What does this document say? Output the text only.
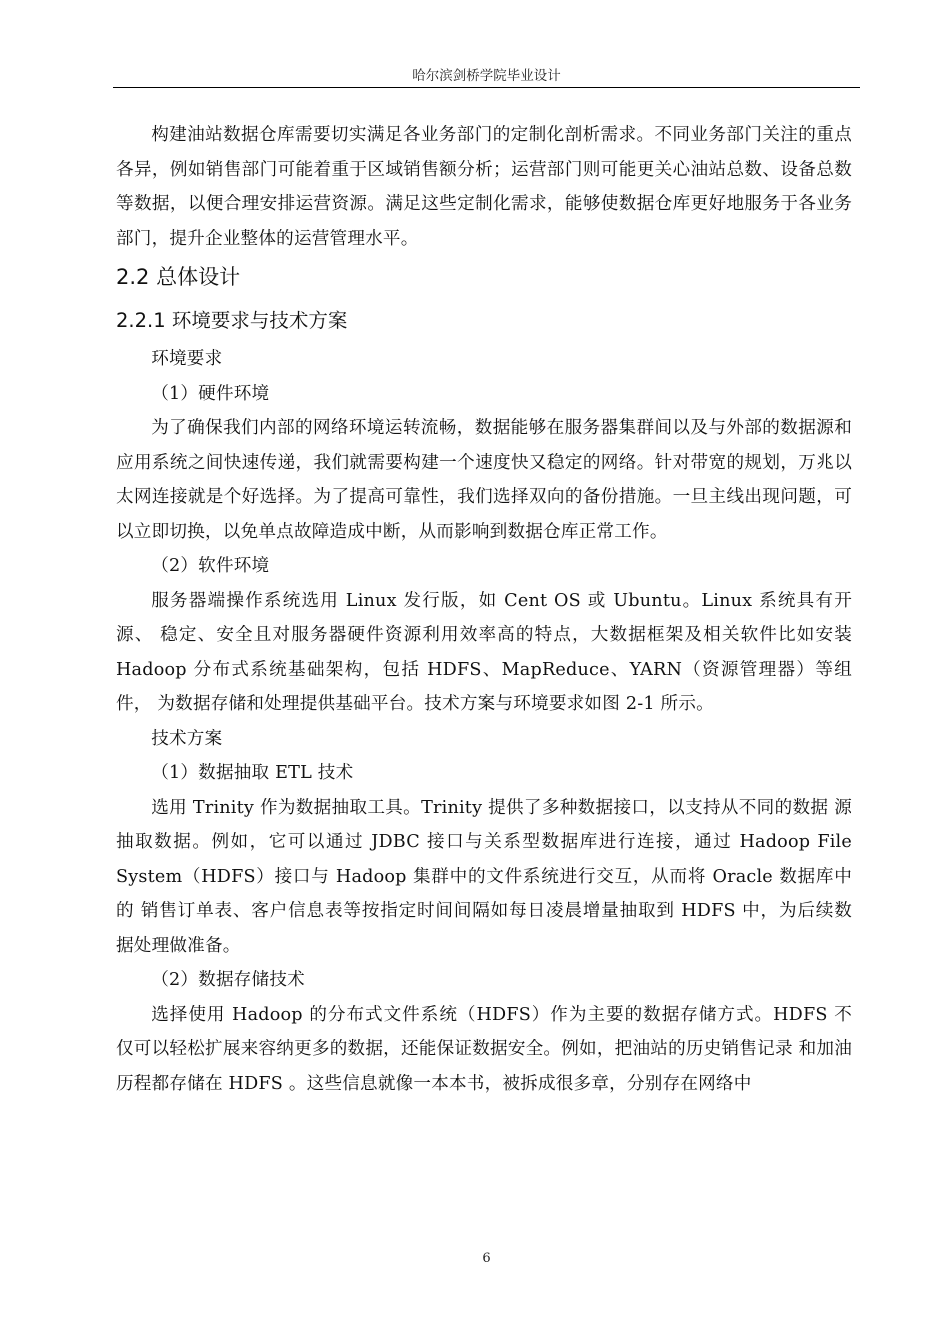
哈尔滨剑桥学院毕业设计

构建油站数据仓库需要切实满足各业务部门的定制化剖析需求。不同业务部门关注的重点各异，例如销售部门可能着重于区域销售额分析；运营部门则可能更关心油站总数、设备总数等数据，以便合理安排运营资源。满足这些定制化需求，能够使数据仓库更好地服务于各业务部门，提升企业整体的运营管理水平。

2.2 总体设计
2.2.1 环境要求与技术方案

环境要求

（1）硬件环境

为了确保我们内部的网络环境运转流畅，数据能够在服务器集群间以及与外部的数据源和应用系统之间快速传递，我们就需要构建一个速度快又稳定的网络。针对带宽的规划，万兆以太网连接就是个好选择。为了提高可靠性，我们选择双向的备份措施。一旦主线出现问题，可以立即切换，以免单点故障造成中断，从而影响到数据仓库正常工作。

（2）软件环境

服务器端操作系统选用 Linux 发行版，如 Cent OS 或 Ubuntu。Linux 系统具有开源、 稳定、安全且对服务器硬件资源利用效率高的特点，大数据框架及相关软件比如安装 Hadoop 分布式系统基础架构，包括 HDFS、MapReduce、YARN（资源管理器）等组件， 为数据存储和处理提供基础平台。技术方案与环境要求如图 2-1 所示。

技术方案

（1）数据抽取 ETL 技术

选用 Trinity 作为数据抽取工具。Trinity 提供了多种数据接口，以支持从不同的数据 源抽取数据。例如，它可以通过 JDBC 接口与关系型数据库进行连接，通过 Hadoop File System（HDFS）接口与 Hadoop 集群中的文件系统进行交互，从而将 Oracle 数据库中的 销售订单表、客户信息表等按指定时间间隔如每日凌晨增量抽取到 HDFS 中，为后续数 据处理做准备。

（2）数据存储技术

选择使用 Hadoop 的分布式文件系统（HDFS）作为主要的数据存储方式。HDFS 不 仅可以轻松扩展来容纳更多的数据，还能保证数据安全。例如，把油站的历史销售记录 和加油历程都存储在 HDFS 。这些信息就像一本本书，被拆成很多章，分别存在网络中

6
